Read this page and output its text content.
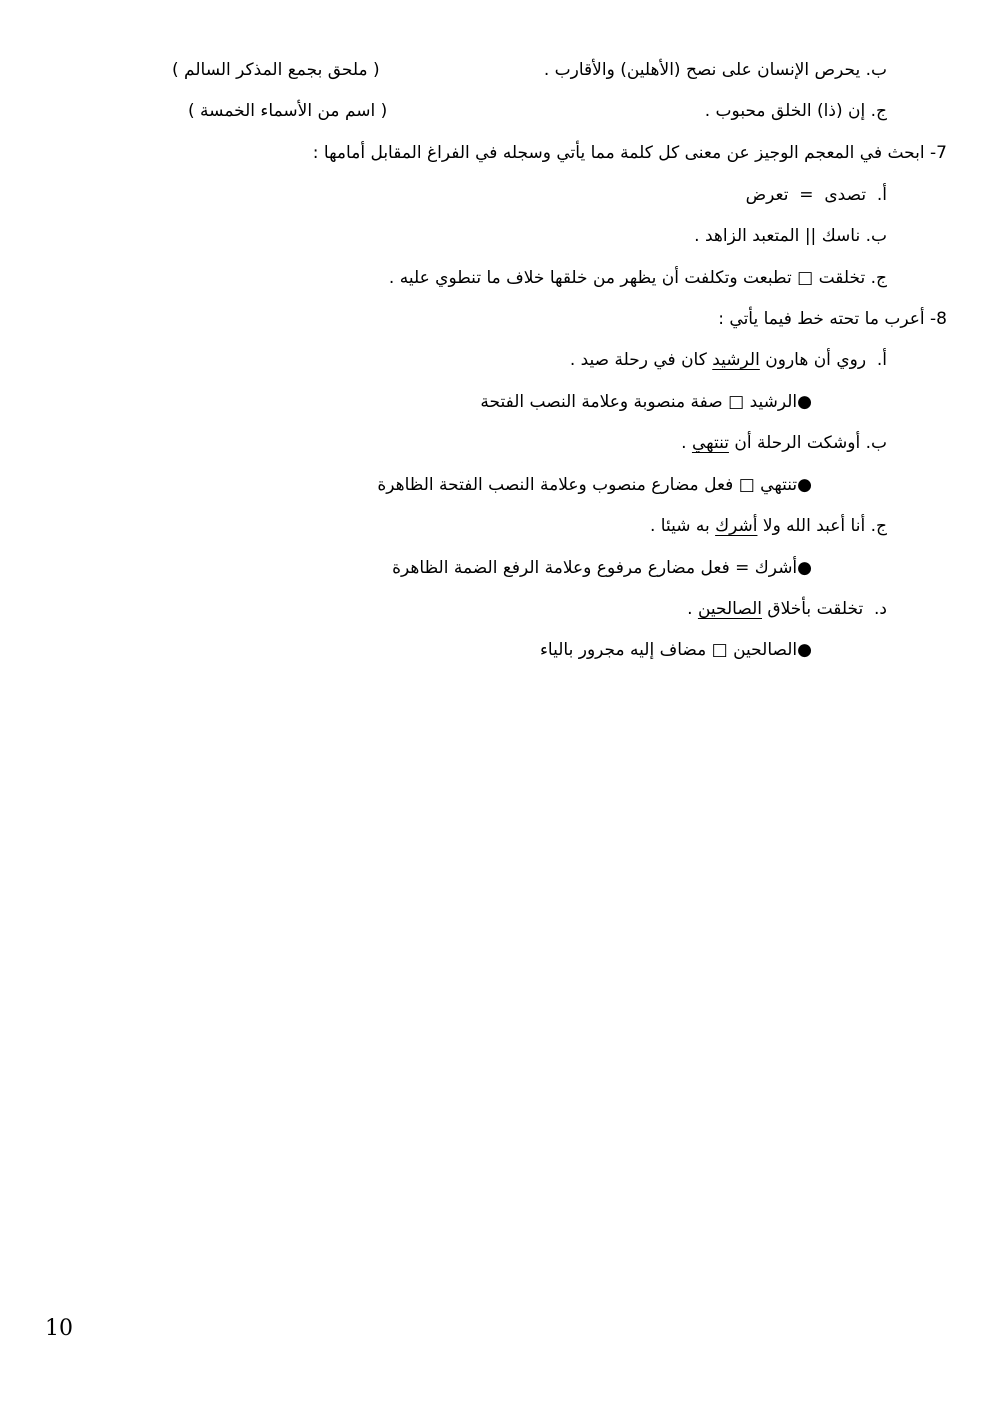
ب. يحرص الإنسان على نصح (الأهلين) والأقارب .
( ملحق بجمع المذكر السالم )
ج. إن (ذا) الخلق محبوب .
( اسم من الأسماء الخمسة )
7- ابحث في المعجم الوجيز عن معنى كل كلمة مما يأتي وسجله في الفراغ المقابل أمامها :
أ.  تصدى  =  تعرض
ب. ناسك || المتعبد الزاهد .
ج. تخلقت □ تطبعت وتكلفت أن يظهر من خلقها خلاف ما تنطوي عليه .
8- أعرب ما تحته خط فيما يأتي :
أ.  روي أن هارون الرشيد كان في رحلة صيد .
●الرشيد □ صفة منصوبة وعلامة النصب الفتحة
ب. أوشكت الرحلة أن تنتهي .
●تنتهي □ فعل مضارع منصوب وعلامة النصب الفتحة الظاهرة
ج. أنا أعبد الله ولا أشرك به شيئا .
●أشرك = فعل مضارع مرفوع وعلامة الرفع الضمة الظاهرة
د.  تخلقت بأخلاق الصالحين .
●الصالحين □ مضاف إليه مجرور بالياء
10
